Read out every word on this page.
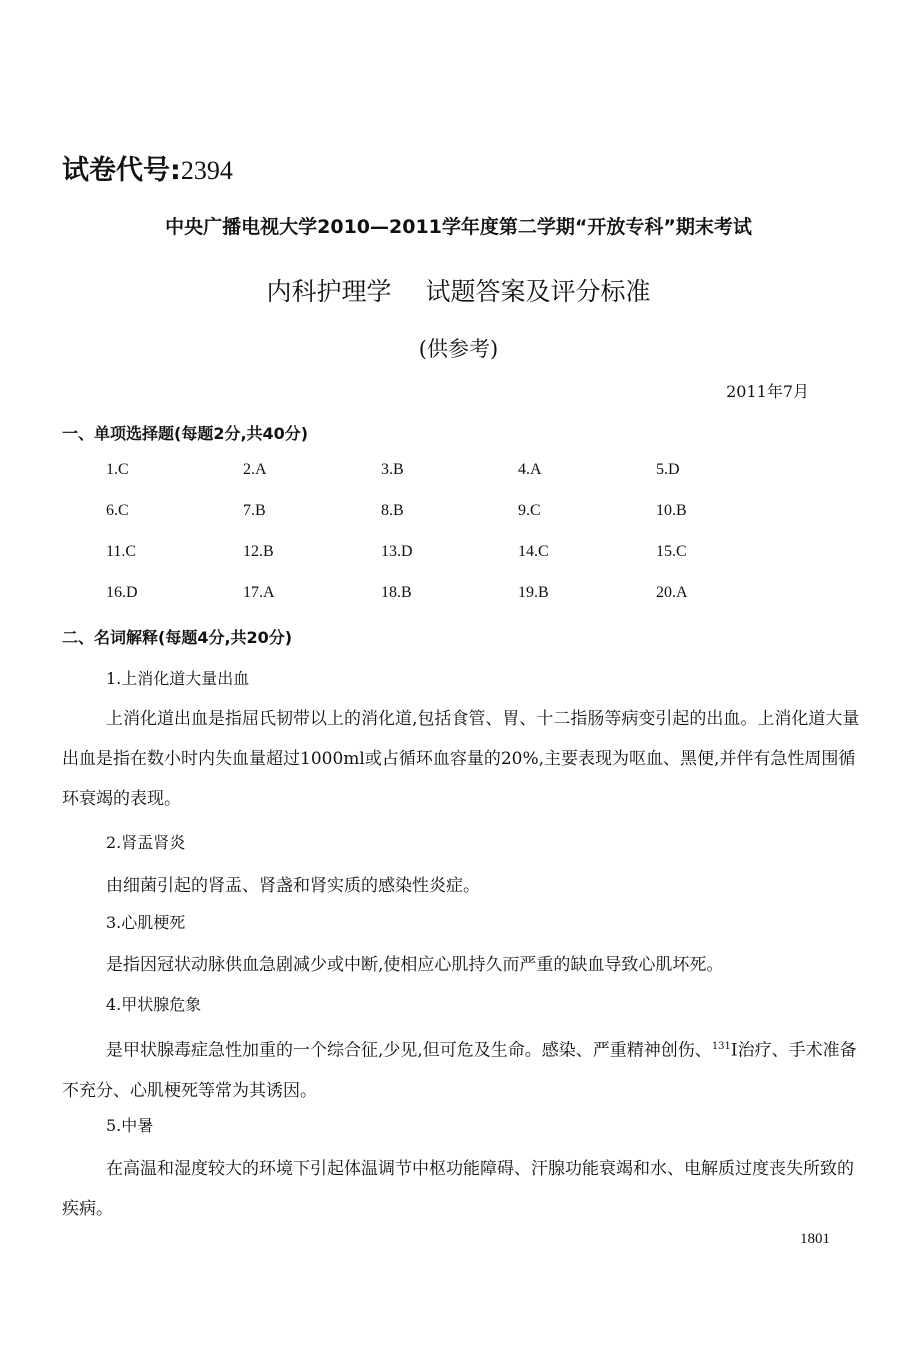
试卷代号:2394
中央广播电视大学2010—2011学年度第二学期“开放专科”期末考试
内科护理学 试题答案及评分标准
(供参考)
2011年7月
一、单项选择题(每题2分,共40分)
1.C	2.A	3.B	4.A	5.D
6.C	7.B	8.B	9.C	10.B
11.C	12.B	13.D	14.C	15.C
16.D	17.A	18.B	19.B	20.A
二、名词解释(每题4分,共20分)
1.上消化道大量出血
上消化道出血是指屈氏韧带以上的消化道,包括食管、胃、十二指肠等病变引起的出血。上消化道大量出血是指在数小时内失血量超过1000ml或占循环血容量的20%,主要表现为呕血、黑便,并伴有急性周围循环衰竭的表现。
2.肾盂肾炎
由细菌引起的肾盂、肾盏和肾实质的感染性炎症。
3.心肌梗死
是指因冠状动脉供血急剧减少或中断,使相应心肌持久而严重的缺血导致心肌坏死。
4.甲状腺危象
是甲状腺毒症急性加重的一个综合征,少见,但可危及生命。感染、严重精神创伤、$^{131}$I治疗、手术准备不充分、心肌梗死等常为其诱因。
5.中暑
在高温和湿度较大的环境下引起体温调节中枢功能障碍、汗腺功能衰竭和水、电解质过度丧失所致的疾病。
1801
